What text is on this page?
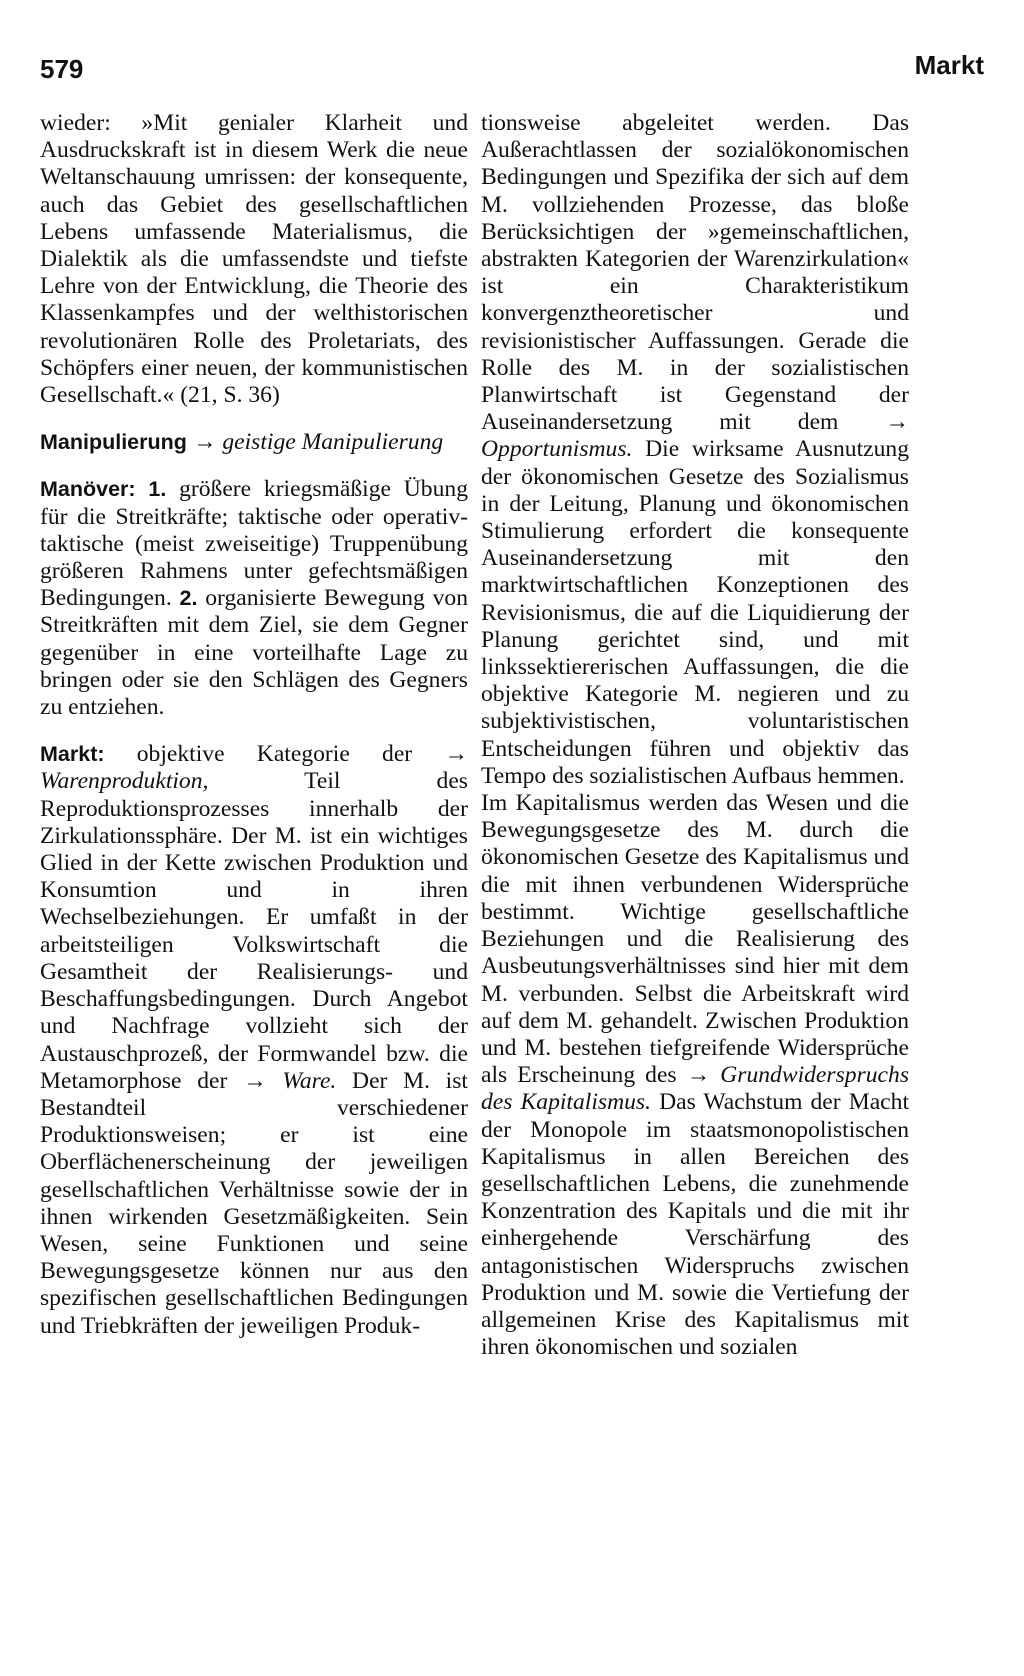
579	Markt

wieder: »Mit genialer Klarheit und Ausdruckskraft ist in diesem Werk die neue Weltanschauung umrissen: der konsequente, auch das Gebiet des gesellschaftlichen Lebens umfassende Materialismus, die Dialektik als die umfassendste und tiefste Lehre von der Entwicklung, die Theorie des Klassenkampfes und der welthistorischen revolutionären Rolle des Proletariats, des Schöpfers einer neuen, der kommunistischen Gesellschaft.« (21, S. 36)

Manipulierung → geistige Manipulierung

Manöver: 1. größere kriegsmäßige Übung für die Streitkräfte; taktische oder operativ-taktische (meist zweiseitige) Truppenübung größeren Rahmens unter gefechtsmäßigen Bedingungen. 2. organisierte Bewegung von Streitkräften mit dem Ziel, sie dem Gegner gegenüber in eine vorteilhafte Lage zu bringen oder sie den Schlägen des Gegners zu entziehen.

Markt: objektive Kategorie der → Warenproduktion,	Teil des Reproduktionsprozesses innerhalb der Zirkulationssphäre. Der M. ist ein wichtiges Glied in der Kette zwischen Produktion und Konsumtion und in ihren Wechselbeziehungen. Er umfaßt in der arbeitsteiligen Volkswirtschaft die Gesamtheit der Realisierungs- und Beschaffungsbedingungen. Durch Angebot und Nachfrage vollzieht sich der Austauschprozeß, der Formwandel bzw. die Metamorphose der → Ware. Der M. ist Bestandteil verschiedener Produktionsweisen; er ist eine Oberflächenerscheinung der jeweiligen gesellschaftlichen Verhältnisse sowie der in ihnen wirkenden Gesetzmäßigkeiten. Sein Wesen, seine Funktionen und seine Bewegungsgesetze können nur aus den spezifischen gesellschaftlichen Bedingungen und Triebkräften der jeweiligen Produk-

tionsweise abgeleitet werden. Das Außerachtlassen der sozialökonomischen Bedingungen und Spezifika der sich auf dem M. vollziehenden Prozesse, das bloße Berücksichtigen der »gemeinschaftlichen, abstrakten Kategorien der Warenzirkulation« ist ein Charakteristikum konvergenztheoretischer und revisionistischer Auffassungen. Gerade die Rolle des M. in der sozialistischen Planwirtschaft ist Gegenstand der Auseinandersetzung mit dem → Opportunismus. Die wirksame Ausnutzung der ökonomischen Gesetze des Sozialismus in der Leitung, Planung und ökonomischen Stimulierung erfordert die konsequente Auseinandersetzung mit den marktwirtschaftlichen Konzeptionen des Revisionismus, die auf die Liquidierung der Planung gerichtet sind, und mit linkssektiererischen Auffassungen, die die objektive Kategorie M. negieren und zu subjektivistischen, voluntaristischen Entscheidungen führen und objektiv das Tempo des sozialistischen Aufbaus hemmen.

Im Kapitalismus werden das Wesen und die Bewegungsgesetze des M. durch die ökonomischen Gesetze des Kapitalismus und die mit ihnen verbundenen Widersprüche bestimmt. Wichtige gesellschaftliche Beziehungen und die Realisierung des Ausbeutungsverhältnisses sind hier mit dem M. verbunden. Selbst die Arbeitskraft wird auf dem M. gehandelt. Zwischen Produktion und M. bestehen tiefgreifende Widersprüche als Erscheinung des → Grundwiderspruchs des Kapitalismus. Das Wachstum der Macht der Monopole im staatsmonopolistischen Kapitalismus in allen Bereichen des gesellschaftlichen Lebens, die zunehmende Konzentration des Kapitals und die mit ihr einhergehende Verschärfung des antagonistischen Widerspruchs zwischen Produktion und M. sowie die Vertiefung der allgemeinen Krise des Kapitalismus mit ihren ökonomischen und sozialen
